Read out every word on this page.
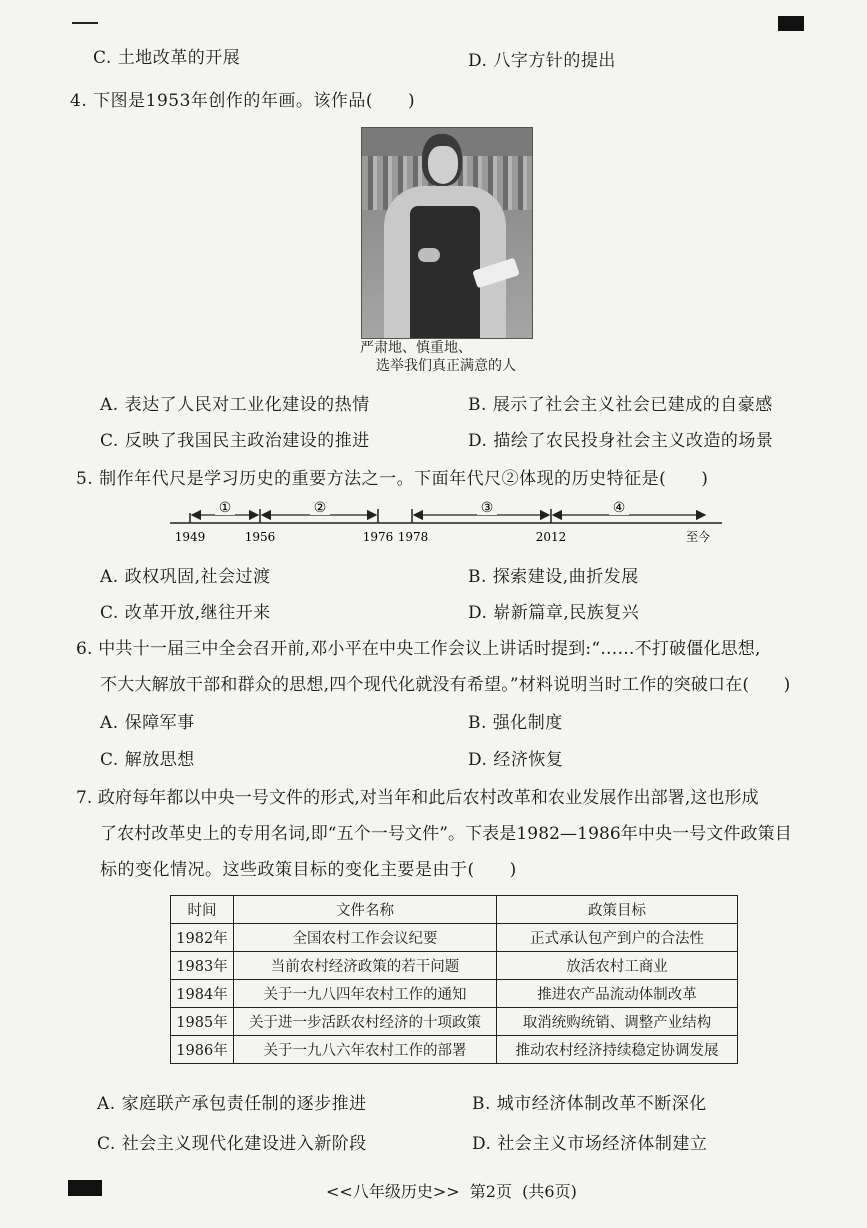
C. 土地改革的开展	D. 八字方针的提出
4. 下图是1953年创作的年画。该作品(　　)
严肃地、慎重地、
选举我们真正满意的人
A. 表达了人民对工业化建设的热情	B. 展示了社会主义社会已建成的自豪感
C. 反映了我国民主政治建设的推进	D. 描绘了农民投身社会主义改造的场景
5. 制作年代尺是学习历史的重要方法之一。下面年代尺②体现的历史特征是(　　)
①	②	③	④
1949	1956	1976 1978	2012	至今
A. 政权巩固,社会过渡	B. 探索建设,曲折发展
C. 改革开放,继往开来	D. 崭新篇章,民族复兴
6. 中共十一届三中全会召开前,邓小平在中央工作会议上讲话时提到:“……不打破僵化思想,
不大大解放干部和群众的思想,四个现代化就没有希望。”材料说明当时工作的突破口在(　　)
A. 保障军事	B. 强化制度
C. 解放思想	D. 经济恢复
7. 政府每年都以中央一号文件的形式,对当年和此后农村改革和农业发展作出部署,这也形成
了农村改革史上的专用名词,即“五个一号文件”。下表是1982—1986年中央一号文件政策目
标的变化情况。这些政策目标的变化主要是由于(　　)
时间	文件名称	政策目标
1982年	全国农村工作会议纪要	正式承认包产到户的合法性
1983年	当前农村经济政策的若干问题	放活农村工商业
1984年	关于一九八四年农村工作的通知	推进农产品流动体制改革
1985年	关于进一步活跃农村经济的十项政策	取消统购统销、调整产业结构
1986年	关于一九八六年农村工作的部署	推动农村经济持续稳定协调发展
A. 家庭联产承包责任制的逐步推进	B. 城市经济体制改革不断深化
C. 社会主义现代化建设进入新阶段	D. 社会主义市场经济体制建立
<<八年级历史>>  第2页  (共6页)
